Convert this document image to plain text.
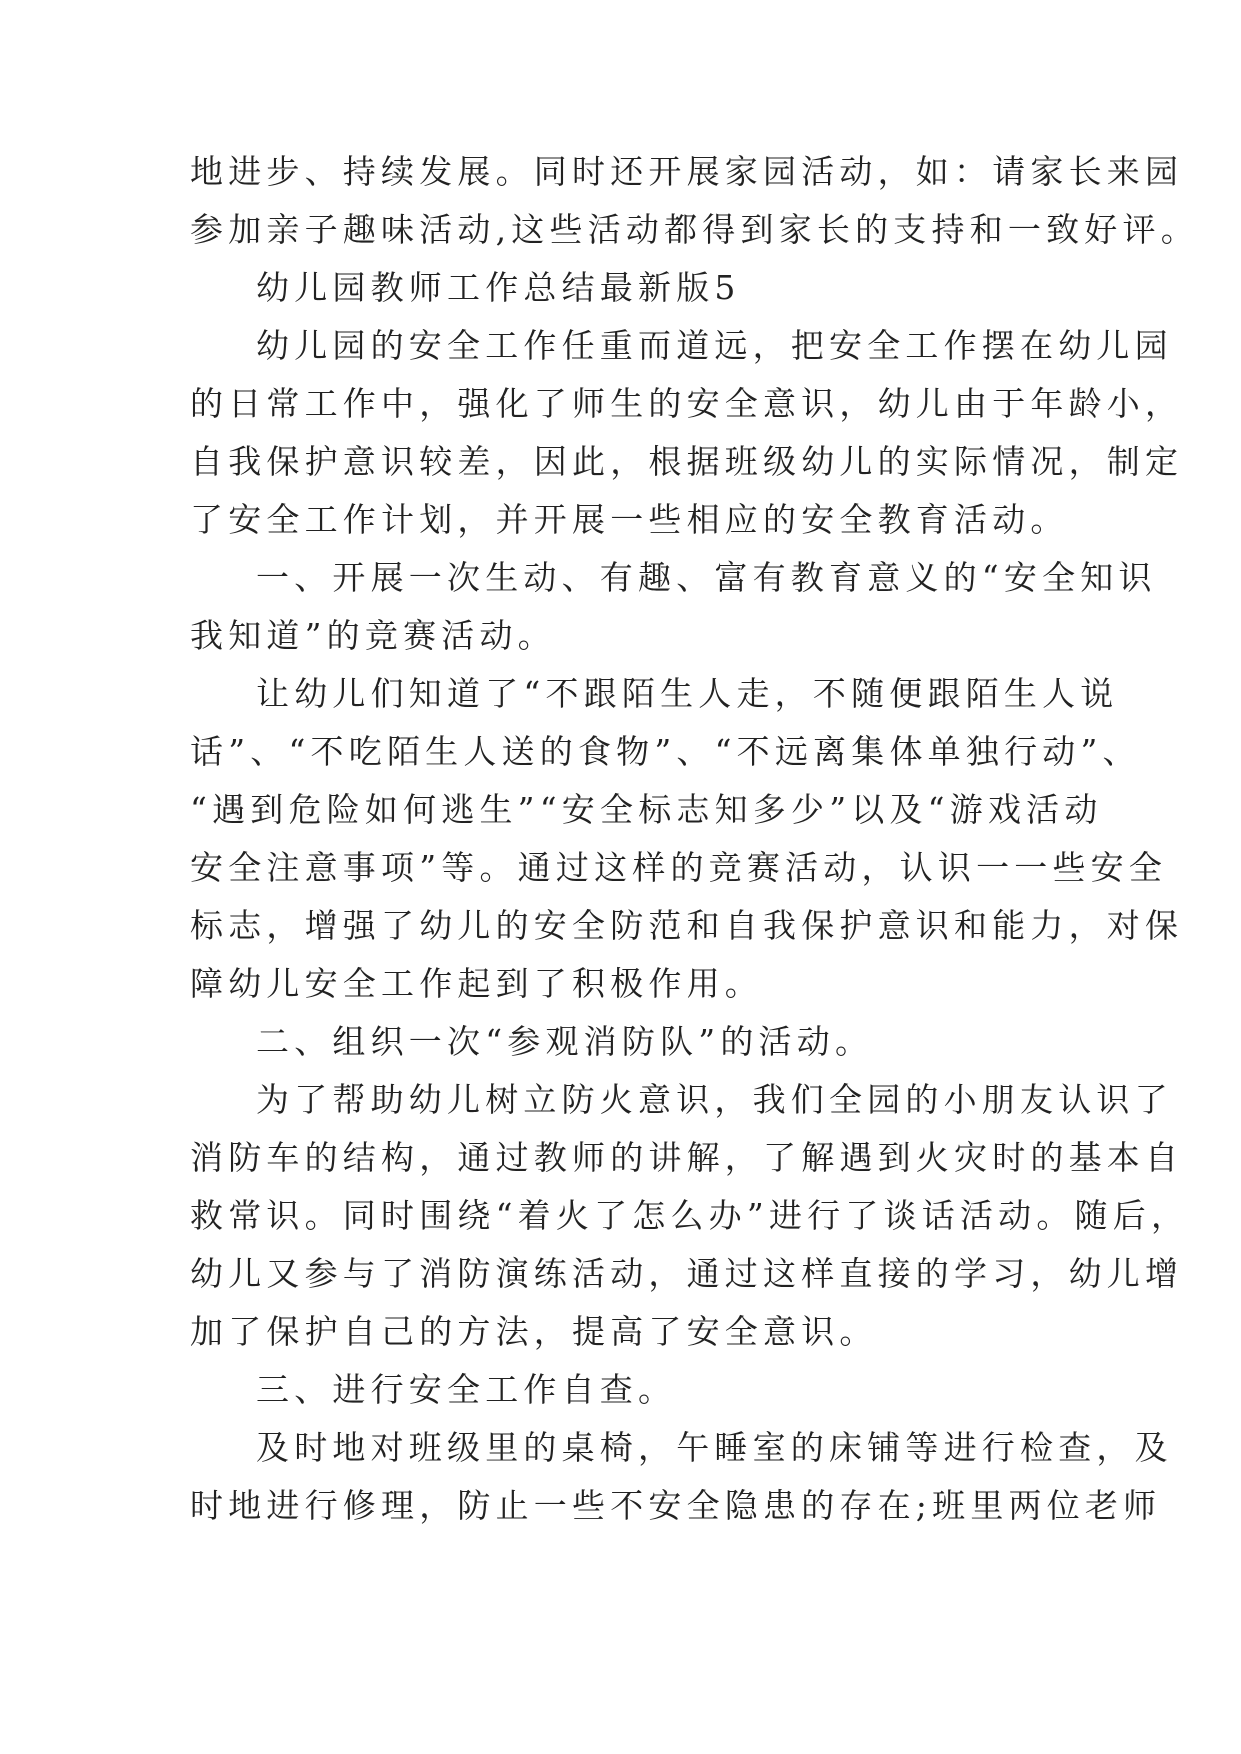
地进步、持续发展。同时还开展家园活动，如：请家长来园
参加亲子趣味活动,这些活动都得到家长的支持和一致好评。
幼儿园教师工作总结最新版5
幼儿园的安全工作任重而道远，把安全工作摆在幼儿园
的日常工作中，强化了师生的安全意识，幼儿由于年龄小，
自我保护意识较差，因此，根据班级幼儿的实际情况，制定
了安全工作计划，并开展一些相应的安全教育活动。
一、开展一次生动、有趣、富有教育意义的“安全知识
我知道”的竞赛活动。
让幼儿们知道了“不跟陌生人走，不随便跟陌生人说
话”、“不吃陌生人送的食物”、“不远离集体单独行动”、
“遇到危险如何逃生”“安全标志知多少”以及“游戏活动
安全注意事项”等。通过这样的竞赛活动，认识一一些安全
标志，增强了幼儿的安全防范和自我保护意识和能力，对保
障幼儿安全工作起到了积极作用。
二、组织一次“参观消防队”的活动。
为了帮助幼儿树立防火意识，我们全园的小朋友认识了
消防车的结构，通过教师的讲解，了解遇到火灾时的基本自
救常识。同时围绕“着火了怎么办”进行了谈话活动。随后，
幼儿又参与了消防演练活动，通过这样直接的学习，幼儿增
加了保护自己的方法，提高了安全意识。
三、进行安全工作自查。
及时地对班级里的桌椅，午睡室的床铺等进行检查，及
时地进行修理，防止一些不安全隐患的存在;班里两位老师
